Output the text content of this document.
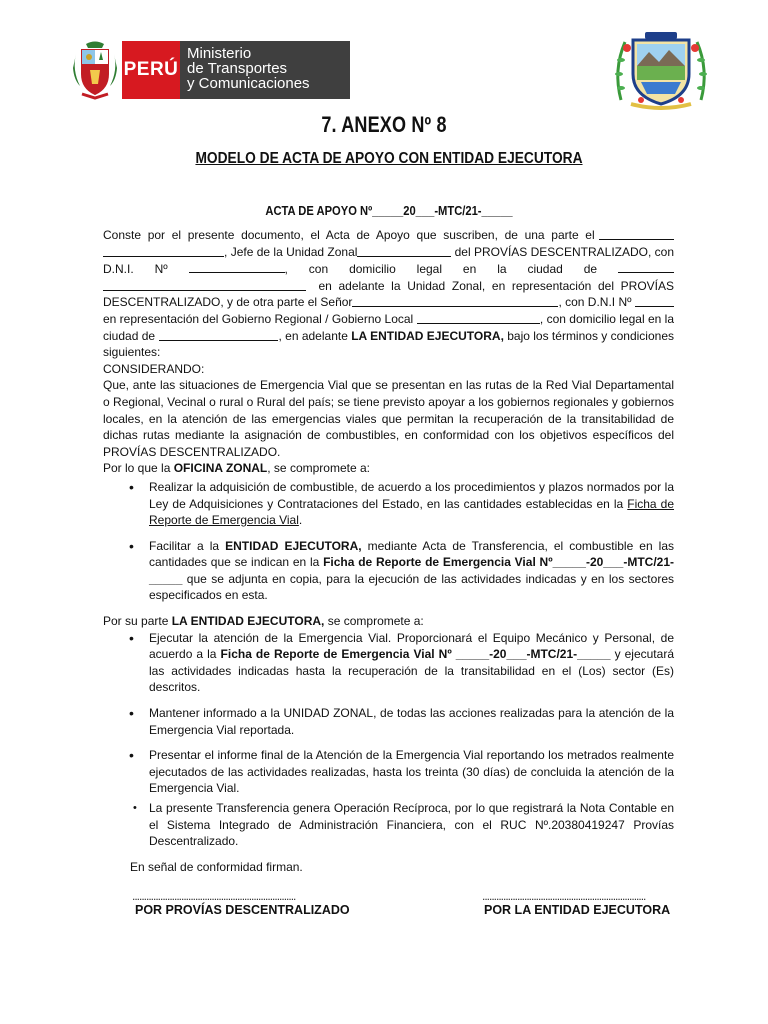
PERÚ
Ministerio
de Transportes
y Comunicaciones
7. ANEXO Nº 8
MODELO DE ACTA DE APOYO CON ENTIDAD EJECUTORA
ACTA DE APOYO Nº_____20___-MTC/21-_____
Conste  por  el  presente  documento,  el  Acta  de  Apoyo  que  suscriben,  de  una  parte  el
, Jefe de la Unidad Zonal	del PROVÍAS DESCENTRALIZADO, con
D.N.I. Nº	, con domicilio legal en la ciudad de
en  adelante  la  Unidad  Zonal,  en  representación  del  PROVÍAS
DESCENTRALIZADO, y de otra parte el Señor	, con D.N.I Nº
en representación del Gobierno Regional / Gobierno Local	, con domicilio legal en la
ciudad de	, en adelante LA ENTIDAD EJECUTORA, bajo los términos y condiciones
siguientes:
CONSIDERANDO:
Que, ante las situaciones de Emergencia Vial que se presentan en las rutas de la Red Vial Departamental o Regional, Vecinal o rural o Rural del país; se tiene previsto apoyar a los gobiernos regionales y gobiernos locales, en la atención de las emergencias viales que permitan la recuperación de la transitabilidad de dichas rutas mediante la asignación de combustibles, en conformidad con los objetivos específicos del PROVÍAS DESCENTRALIZADO.
Por lo que la OFICINA ZONAL, se compromete a:
• Realizar la adquisición de combustible, de acuerdo a los procedimientos y plazos normados por la Ley de Adquisiciones y Contrataciones del Estado, en las cantidades establecidas en la Ficha de Reporte de Emergencia Vial.
• Facilitar a la ENTIDAD EJECUTORA, mediante Acta de Transferencia, el combustible en las cantidades que se indican en la Ficha de Reporte de Emergencia Vial Nº_____-20___-MTC/21-_____ que se adjunta en copia, para la ejecución de las actividades indicadas y en los sectores especificados en esta.
Por su parte LA ENTIDAD EJECUTORA, se compromete a:
• Ejecutar la atención de la Emergencia Vial. Proporcionará el Equipo Mecánico y Personal, de acuerdo a la Ficha de Reporte de Emergencia Vial Nº _____-20___-MTC/21-_____ y ejecutará las actividades indicadas hasta la recuperación de la transitabilidad en el (Los) sector (Es) descritos.
• Mantener informado a la UNIDAD ZONAL, de todas las acciones realizadas para la atención de la Emergencia Vial reportada.
• Presentar el informe final de la Atención de la Emergencia Vial reportando los metrados realmente ejecutados de las actividades realizadas, hasta los treinta (30 días) de concluida la atención de la Emergencia Vial.
• La presente Transferencia genera Operación Recíproca, por lo que registrará la Nota Contable en el Sistema Integrado de Administración Financiera, con el RUC Nº.20380419247 Provías Descentralizado.
En señal de conformidad firman.
......................................................................	......................................................................
POR PROVÍAS DESCENTRALIZADO	POR LA ENTIDAD EJECUTORA
